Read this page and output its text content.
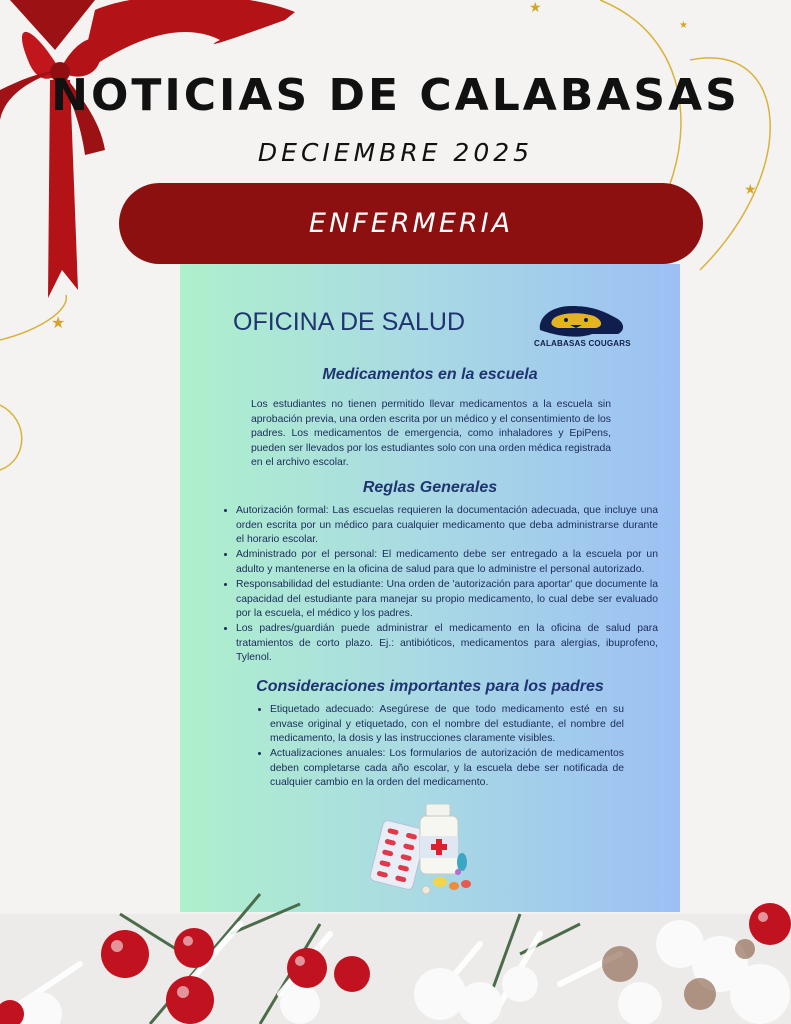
★
★
★
★
NOTICIAS DE CALABASAS
DECIEMBRE 2025
ENFERMERIA
OFICINA DE SALUD
CALABASAS COUGARS
Medicamentos en la escuela

Los estudiantes no tienen permitido llevar medicamentos a la escuela sin aprobación previa, una orden escrita por un médico y el consentimiento de los padres. Los medicamentos de emergencia, como inhaladores y EpiPens, pueden ser llevados por los estudiantes solo con una orden médica registrada en el archivo escolar.

Reglas Generales
• Autorización formal: Las escuelas requieren la documentación adecuada, que incluye una orden escrita por un médico para cualquier medicamento que deba administrarse durante el horario escolar.
• Administrado por el personal: El medicamento debe ser entregado a la escuela por un adulto y mantenerse en la oficina de salud para que lo administre el personal autorizado.
• Responsabilidad del estudiante: Una orden de 'autorización para aportar' que documente la capacidad del estudiante para manejar su propio medicamento, lo cual debe ser evaluado por la escuela, el médico y los padres.
• Los padres/guardián puede administrar el medicamento en la oficina de salud para tratamientos de corto plazo. Ej.: antibióticos, medicamentos para alergias, ibuprofeno, Tylenol.
Consideraciones importantes para los padres
• Etiquetado adecuado: Asegúrese de que todo medicamento esté en su envase original y etiquetado, con el nombre del estudiante, el nombre del medicamento, la dosis y las instrucciones claramente visibles.
• Actualizaciones anuales: Los formularios de autorización de medicamentos deben completarse cada año escolar, y la escuela debe ser notificada de cualquier cambio en la orden del medicamento.
